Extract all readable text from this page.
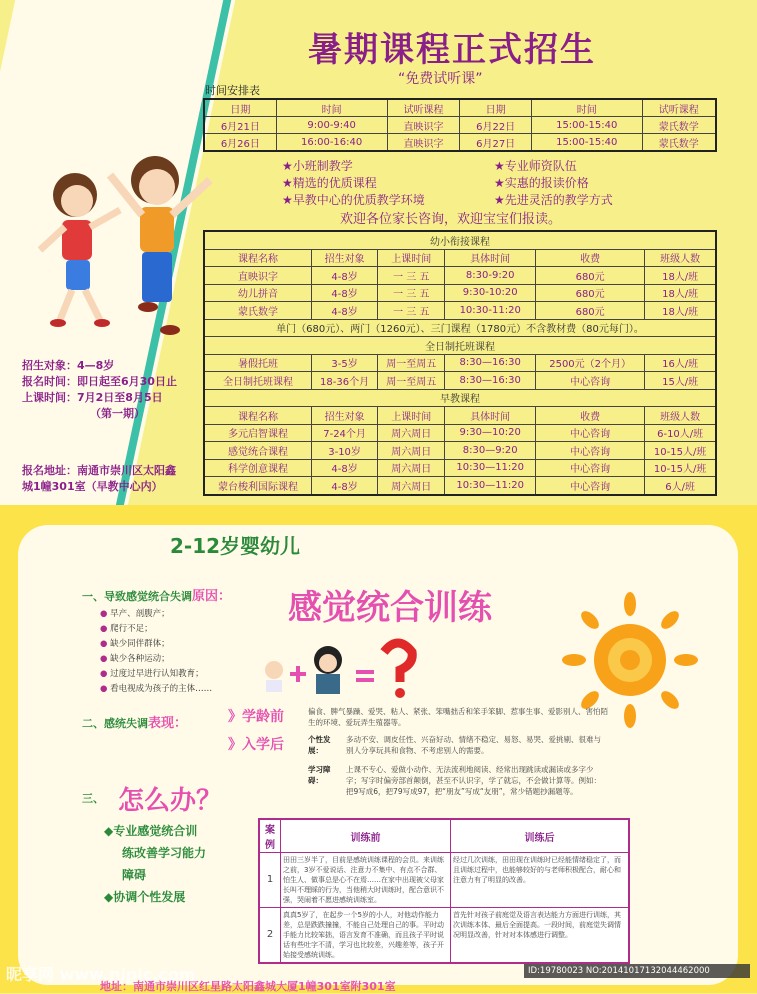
暑期课程正式招生
“免费试听课”
时间安排表
日期	时间	试听课程	日期	时间	试听课程
6月21日	9:00-9:40	直映识字	6月22日	15:00-15:40	蒙氏数学
6月26日	16:00-16:40	直映识字	6月27日	15:00-15:40	蒙氏数学
★小班制教学	★专业师资队伍
★精选的优质课程	★实惠的报读价格
★早教中心的优质教学环境	★先进灵活的教学方式
欢迎各位家长咨询，欢迎宝宝们报读。
幼小衔接课程					
课程名称	招生对象	上课时间	具体时间	收费	班级人数
直映识字	4-8岁	一 三 五	8:30-9:20	680元	18人/班
幼儿拼音	4-8岁	一 三 五	9:30-10:20	680元	18人/班
蒙氏数学	4-8岁	一 三 五	10:30-11:20	680元	18人/班
单门（680元）、两门（1260元）、三门课程（1780元）不含教材费（80元每门）。					
全日制托班课程					
暑假托班	3-5岁	周一至周五	8:30—16:30	2500元（2个月）	16人/班
全日制托班课程	18-36个月	周一至周五	8:30—16:30	中心咨询	15人/班
早教课程					
课程名称	招生对象	上课时间	具体时间	收费	班级人数
多元启智课程	7-24个月	周六周日	9:30—10:20	中心咨询	6-10人/班
感觉统合课程	3-10岁	周六周日	8:30—9:20	中心咨询	10-15人/班
科学创意课程	4-8岁	周六周日	10:30—11:20	中心咨询	10-15人/班
蒙台梭利国际课程	4-8岁	周六周日	10:30—11:20	中心咨询	6人/班
招生对象：4—8岁
报名时间：即日起至6月30日止
上课时间：7月2日至8月5日
（第一期）
报名地址：南通市崇川区太阳鑫
城1幢301室（早教中心内）
2-12岁婴幼儿
感觉统合训练
一、导致感觉统合失调原因：
● 早产、剖腹产；
● 爬行不足；
● 缺少同伴群体；
● 缺少各种运动；
● 过度过早进行认知教育；
● 看电视成为孩子的主体……
二、感统失调表现：	》学龄前
》入学后
偏食、脾气暴躁、爱哭、粘人、紧张、笨嘴拙舌和笨手笨脚、惹事生事、爱影别人、害怕陌生的环境、爱玩弄生殖器等。
个性发展：
多动不安、调皮任性、兴奋好动、情绪不稳定、易怒、易哭、爱挑剔、很难与别人分享玩具和食物、不考虑别人的需要。
学习障碍：
上课不专心、爱做小动作、无法流利地阅读、经常出现跳读或漏读或多字少字；写字时偏旁部首颠倒，甚至不认识字，学了就忘，不会做计算等。例如：把9写成6，把79写成97，把“朋友”写成“友朋”，常少错题抄漏题等。
三、 怎么办？
◆专业感觉统合训
练改善学习能力
障碍
◆协调个性发展
案例	训练前	训练后
1	田田三岁半了，目前是感统训练课程的会员。来训练之前，3岁不爱说话、注意力不集中、有点不合群、怕生人、做事总是心不在焉……在家中出现被父母家长叫不理睬的行为，当他稍大时训练时，配合意识不强，哭闹着不愿进感统训练室。	经过几次训练，田田现在训练时已经能情绪稳定了，而且训练过程中，也能够较好的与老师积极配合，耐心和注意力有了明显的改善。
2	真真5岁了，在起步一个5岁的小人，对他动作能力差，总是跌跌撞撞，不能自己处理自己的事。平时动手能力比较笨拙，语言发育不准确，而且孩子平时说话有些吐字不清，学习也比较差，兴趣差等，孩子开始接受感统训练。	首先针对孩子前庭觉及语言表达能力方面进行训练，其次训练本体、最后全面提高。一段时间，前庭觉失调情况明显改善，针对对本体感进行调整。
地址：南通市崇川区红星路太阳鑫城大厦1幢301室附301室
昵享网 www.nipic.com	ID:19780023 NO:20141017132044462000
